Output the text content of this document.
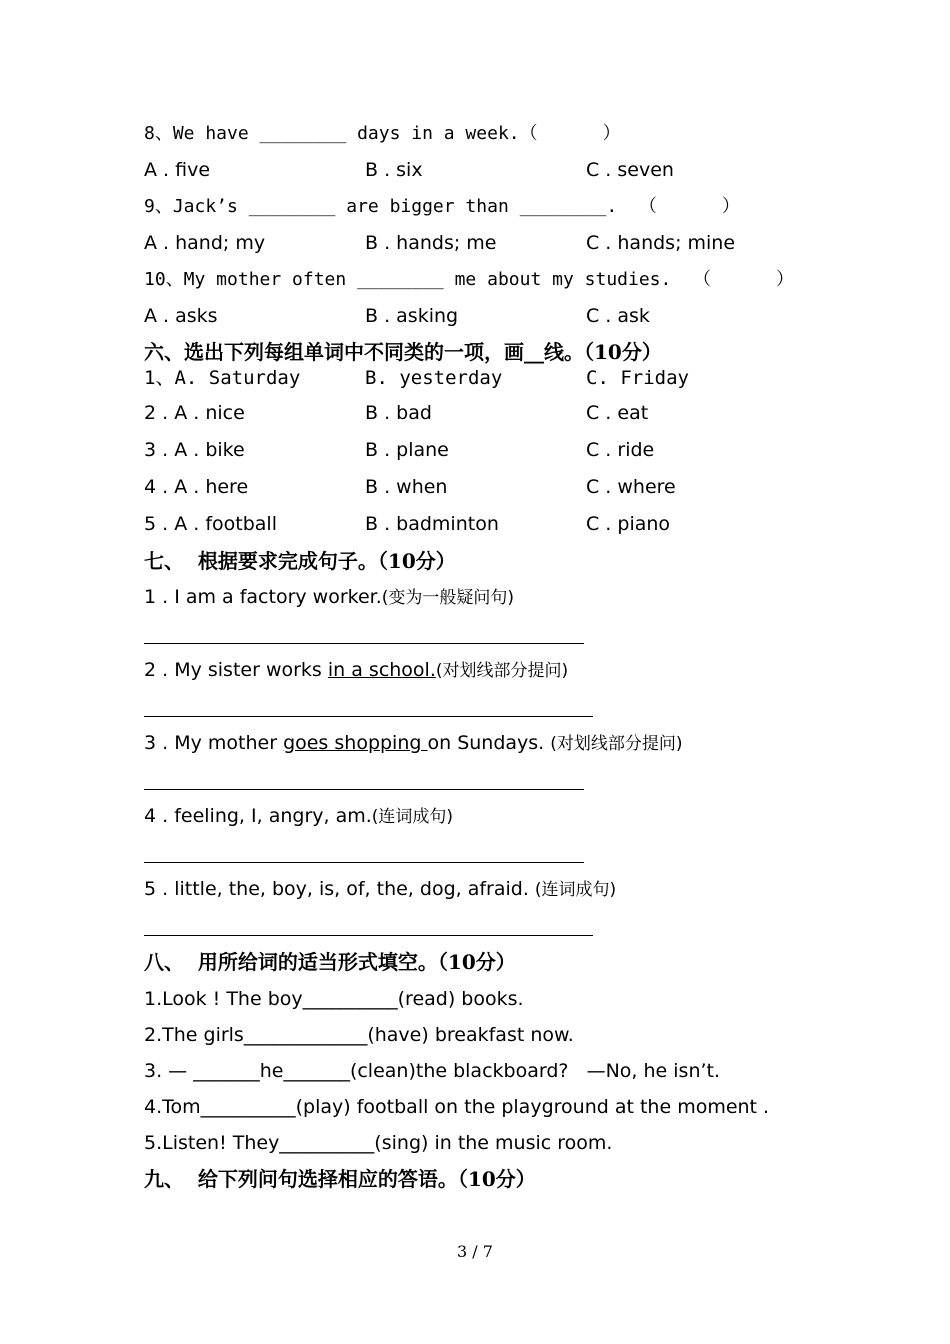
8、We have ________ days in a week.（      ）
A . five	B . six	C . seven
9、Jack’s ________ are bigger than ________.  （      ）
A . hand; my	B . hands; me	C . hands; mine
10、My mother often ________ me about my studies.  （      ）
A . asks	B . asking	C . ask
六、选出下列每组单词中不同类的一项，画__线。（10分）
1、A. Saturday	B. yesterday	C. Friday
2 . A . nice	B . bad	C . eat
3 . A . bike	B . plane	C . ride
4 . A . here	B . when	C . where
5 . A . football	B . badminton	C . piano
七、  根据要求完成句子。（10分）
1 . I am a factory worker.(变为一般疑问句)
2 . My sister works in a school.(对划线部分提问)
3 . My mother goes shopping on Sundays. (对划线部分提问)
4 . feeling, I, angry, am.(连词成句)
5 . little, the, boy, is, of, the, dog, afraid. (连词成句)
八、  用所给词的适当形式填空。（10分）
1.Look ! The boy__________(read) books.
2.The girls_____________(have) breakfast now.
3. — _______he_______(clean)the blackboard?   —No, he isn’t.
4.Tom__________(play) football on the playground at the moment .
5.Listen! They__________(sing) in the music room.
九、  给下列问句选择相应的答语。（10分）
3 / 7
